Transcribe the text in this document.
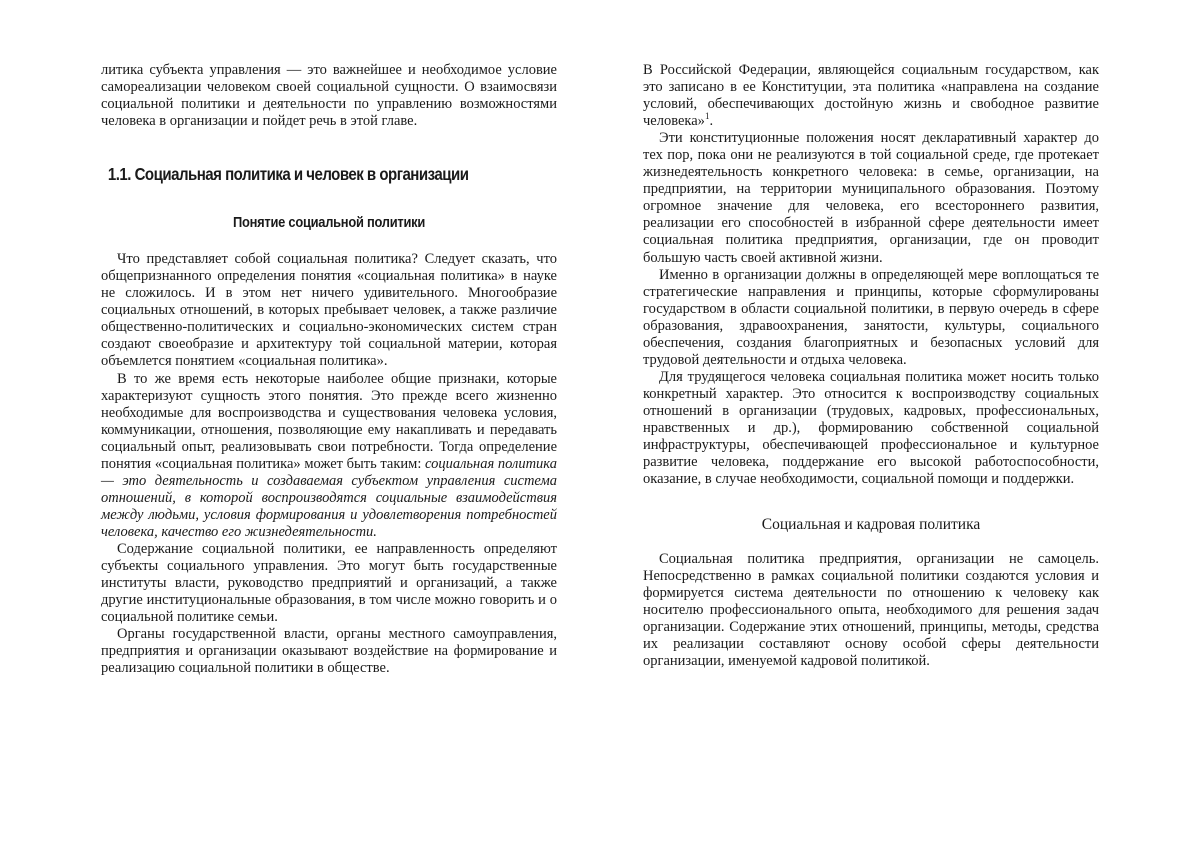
литика субъекта управления — это важнейшее и необходимое условие самореализации человеком своей социальной сущности. О взаимосвязи социальной политики и деятельности по управлению возможностями человека в организации и пойдет речь в этой главе.

1.1. Социальная политика и человек в организации
Понятие социальной политики

Что представляет собой социальная политика? Следует сказать, что общепризнанного определения понятия «социальная политика» в науке не сложилось. И в этом нет ничего удивительного. Многообразие социальных отношений, в которых пребывает человек, а также различие общественно-политических и социально-экономических систем стран создают своеобразие и архитектуру той социальной материи, которая объемлется понятием «социальная политика».

В то же время есть некоторые наиболее общие признаки, которые характеризуют сущность этого понятия. Это прежде всего жизненно необходимые для воспроизводства и существования человека условия, коммуникации, отношения, позволяющие ему накапливать и передавать социальный опыт, реализовывать свои потребности. Тогда определение понятия «социальная политика» может быть таким: социальная политика — это деятельность и создаваемая субъектом управления система отношений, в которой воспроизводятся социальные взаимодействия между людьми, условия формирования и удовлетворения потребностей человека, качество его жизнедеятельности.

Содержание социальной политики, ее направленность определяют субъекты социального управления. Это могут быть государственные институты власти, руководство предприятий и организаций, а также другие институциональные образования, в том числе можно говорить и о социальной политике семьи.

Органы государственной власти, органы местного самоуправления, предприятия и организации оказывают воздействие на формирование и реализацию социальной политики в обществе.

В Российской Федерации, являющейся социальным государством, как это записано в ее Конституции, эта политика «направлена на создание условий, обеспечивающих достойную жизнь и свободное развитие человека»$^1$.

Эти конституционные положения носят декларативный характер до тех пор, пока они не реализуются в той социальной среде, где протекает жизнедеятельность конкретного человека: в семье, организации, на предприятии, на территории муниципального образования. Поэтому огромное значение для человека, его всестороннего развития, реализации его способностей в избранной сфере деятельности имеет социальная политика предприятия, организации, где он проводит большую часть своей активной жизни.

Именно в организации должны в определяющей мере воплощаться те стратегические направления и принципы, которые сформулированы государством в области социальной политики, в первую очередь в сфере образования, здравоохранения, занятости, культуры, социального обеспечения, создания благоприятных и безопасных условий для трудовой деятельности и отдыха человека.

Для трудящегося человека социальная политика может носить только конкретный характер. Это относится к воспроизводству социальных отношений в организации (трудовых, кадровых, профессиональных, нравственных и др.), формированию собственной социальной инфраструктуры, обеспечивающей профессиональное и культурное развитие человека, поддержание его высокой работоспособности, оказание, в случае необходимости, социальной помощи и поддержки.

Социальная и кадровая политика

Социальная политика предприятия, организации не самоцель. Непосредственно в рамках социальной политики создаются условия и формируется система деятельности по отношению к человеку как носителю профессионального опыта, необходимого для решения задач организации. Содержание этих отношений, принципы, методы, средства их реализации составляют основу особой сферы деятельности организации, именуемой кадровой политикой.
